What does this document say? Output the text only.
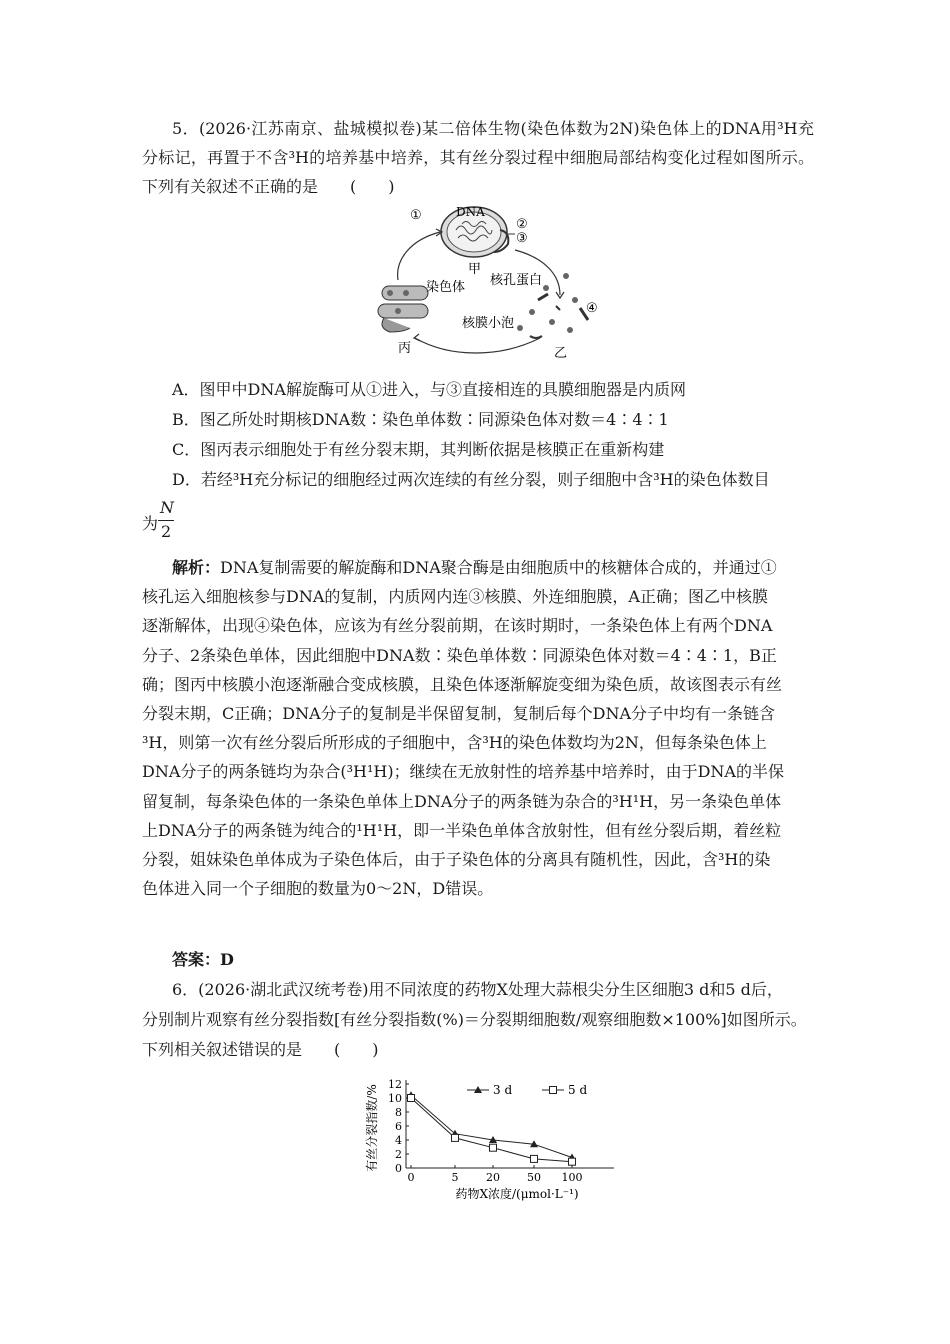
5．(2026·江苏南京、盐城模拟卷)某二倍体生物(染色体数为2N)染色体上的DNA用³H充分标记，再置于不含³H的培养基中培养，其有丝分裂过程中细胞局部结构变化过程如图所示。下列有关叙述不正确的是　　(　　)
①	DNA
②
③
甲
核孔蛋白
染色体
丙
④
核膜小泡
乙
A．图甲中DNA解旋酶可从①进入，与③直接相连的具膜细胞器是内质网
B．图乙所处时期核DNA数∶染色单体数∶同源染色体对数＝4∶4∶1
C．图丙表示细胞处于有丝分裂末期，其判断依据是核膜正在重新构建
D．若经³H充分标记的细胞经过两次连续的有丝分裂，则子细胞中含³H的染色体数目
为
N
2
解析：DNA复制需要的解旋酶和DNA聚合酶是由细胞质中的核糖体合成的，并通过①
核孔运入细胞核参与DNA的复制，内质网内连③核膜、外连细胞膜，A正确；图乙中核膜
逐渐解体，出现④染色体，应该为有丝分裂前期，在该时期时，一条染色体上有两个DNA
分子、2条染色单体，因此细胞中DNA数∶染色单体数∶同源染色体对数＝4∶4∶1，B正
确；图丙中核膜小泡逐渐融合变成核膜，且染色体逐渐解旋变细为染色质，故该图表示有丝
分裂末期，C正确；DNA分子的复制是半保留复制，复制后每个DNA分子中均有一条链含
³H，则第一次有丝分裂后所形成的子细胞中，含³H的染色体数均为2N，但每条染色体上
DNA分子的两条链均为杂合(³H¹H)；继续在无放射性的培养基中培养时，由于DNA的半保
留复制，每条染色体的一条染色单体上DNA分子的两条链为杂合的³H¹H，另一条染色单体
上DNA分子的两条链为纯合的¹H¹H，即一半染色单体含放射性，但有丝分裂后期，着丝粒
分裂，姐妹染色单体成为子染色体后，由于子染色体的分离具有随机性，因此，含³H的染
色体进入同一个子细胞的数量为0～2N，D错误。
答案：D
6．(2026·湖北武汉统考卷)用不同浓度的药物X处理大蒜根尖分生区细胞3 d和5 d后，
分别制片观察有丝分裂指数[有丝分裂指数(%)＝分裂期细胞数/观察细胞数×100%]如图所示。
下列相关叙述错误的是　　(　　)
有丝分裂指数/%
药物X浓度/(μmol·L⁻¹)
0
2
4
6
8
10
12
0	5	20 50 100
3 d	5 d
